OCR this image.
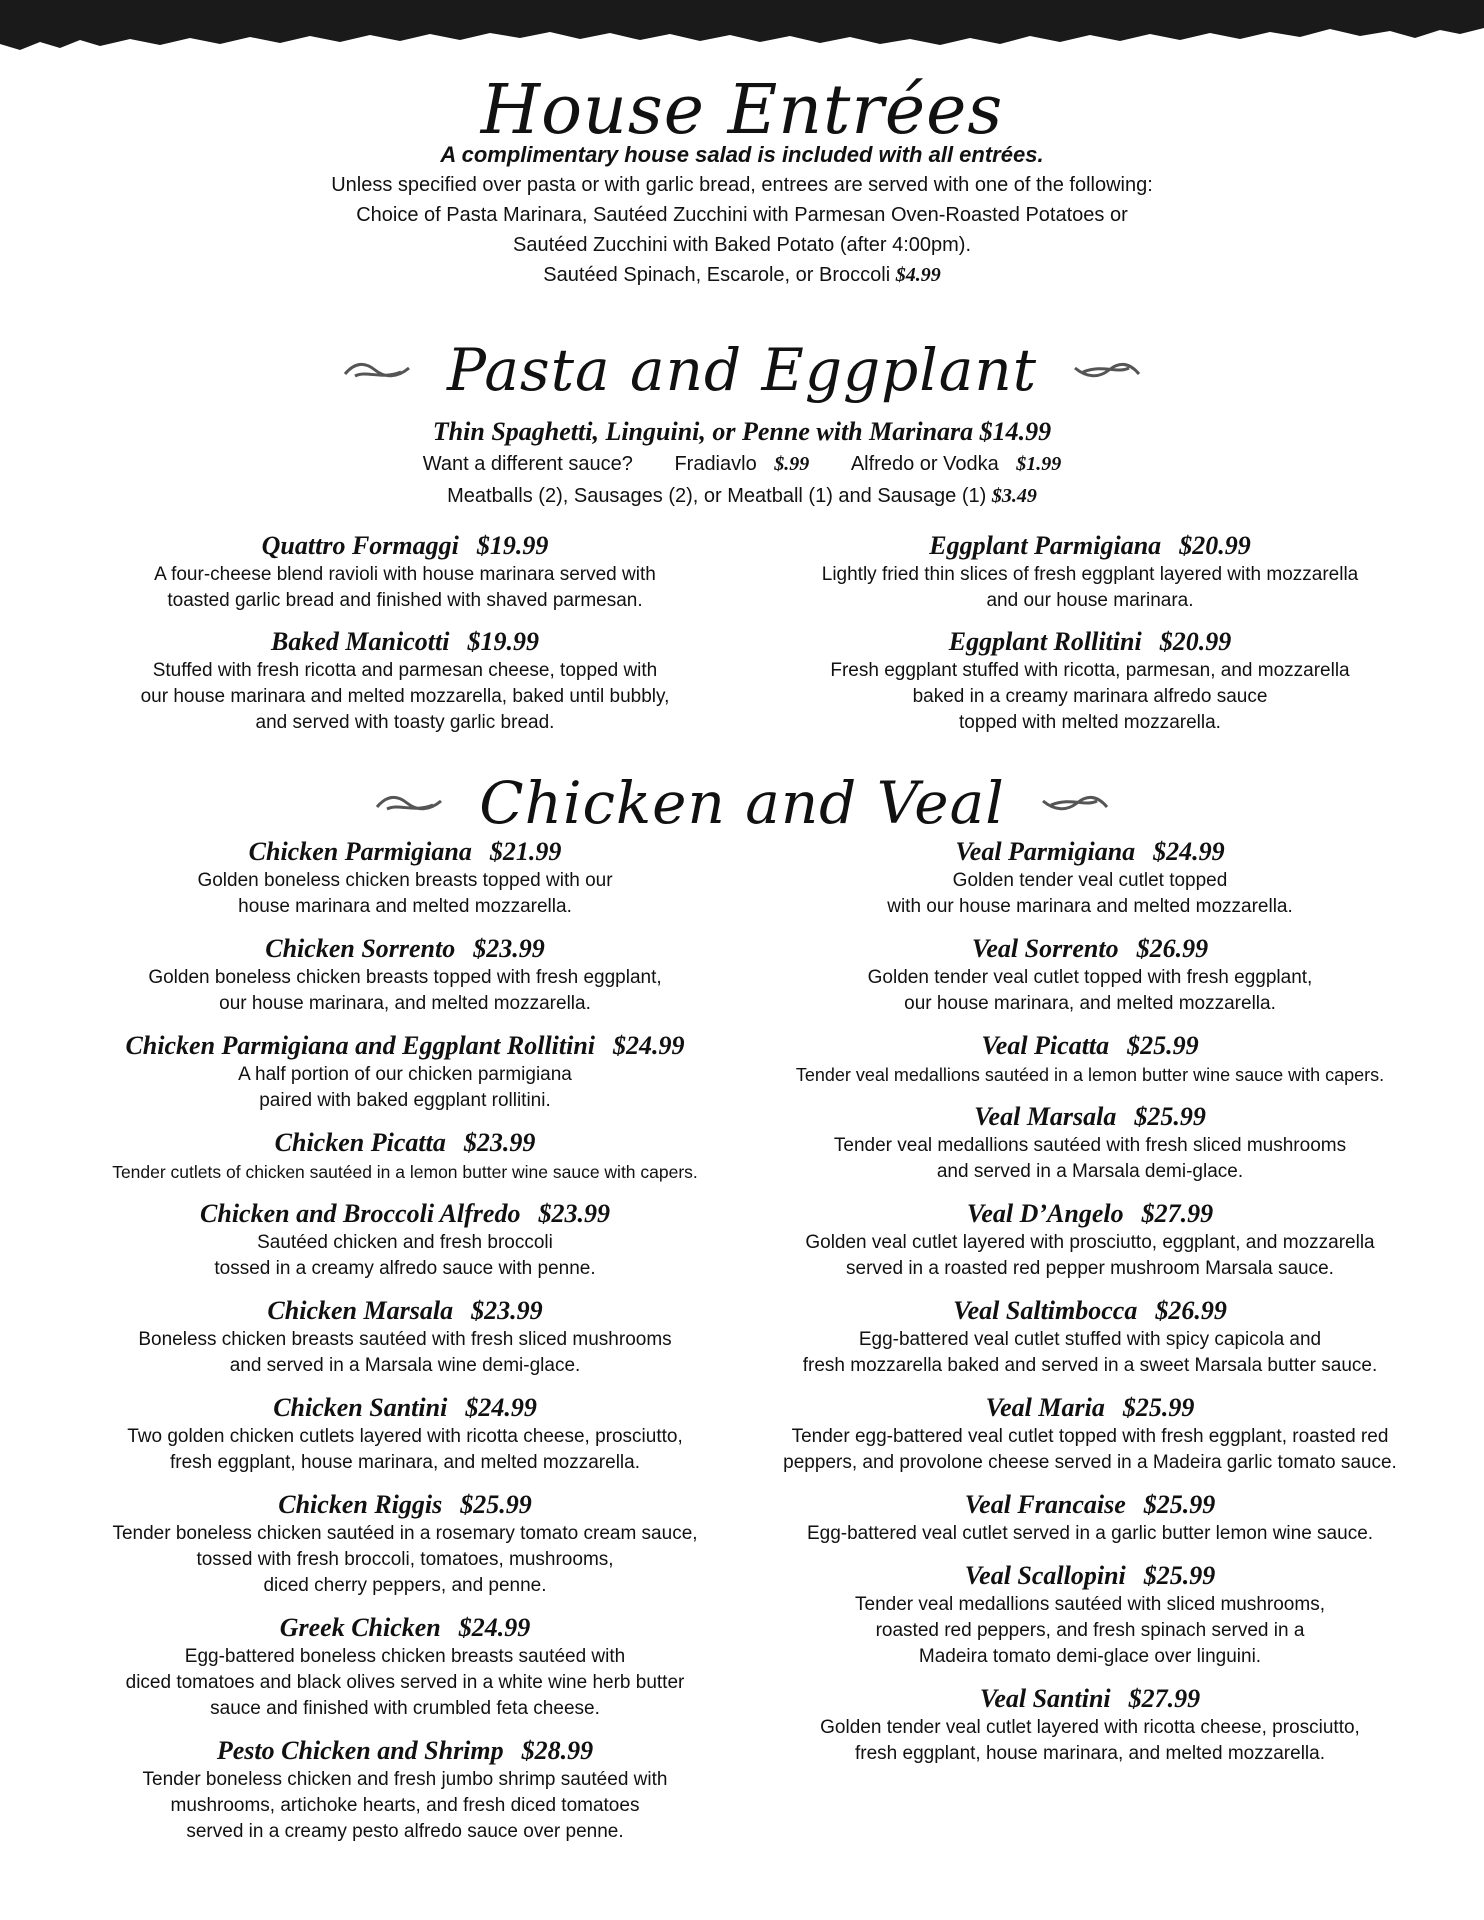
House Entrées
A complimentary house salad is included with all entrées.
Unless specified over pasta or with garlic bread, entrees are served with one of the following:
Choice of Pasta Marinara, Sautéed Zucchini with Parmesan Oven-Roasted Potatoes or
Sautéed Zucchini with Baked Potato (after 4:00pm).
Sautéed Spinach, Escarole, or Broccoli $4.99
Pasta and Eggplant
Thin Spaghetti, Linguini, or Penne with Marinara $14.99
Want a different sauce? Fradiavlo $.99 Alfredo or Vodka $1.99
Meatballs (2), Sausages (2), or Meatball (1) and Sausage (1) $3.49
Quattro Formaggi $19.99
A four-cheese blend ravioli with house marinara served with
toasted garlic bread and finished with shaved parmesan.
Baked Manicotti $19.99
Stuffed with fresh ricotta and parmesan cheese, topped with
our house marinara and melted mozzarella, baked until bubbly,
and served with toasty garlic bread.
Eggplant Parmigiana $20.99
Lightly fried thin slices of fresh eggplant layered with mozzarella
and our house marinara.
Eggplant Rollitini $20.99
Fresh eggplant stuffed with ricotta, parmesan, and mozzarella
baked in a creamy marinara alfredo sauce
topped with melted mozzarella.
Chicken and Veal
Chicken Parmigiana $21.99
Golden boneless chicken breasts topped with our
house marinara and melted mozzarella.
Chicken Sorrento $23.99
Golden boneless chicken breasts topped with fresh eggplant,
our house marinara, and melted mozzarella.
Chicken Parmigiana and Eggplant Rollitini $24.99
A half portion of our chicken parmigiana
paired with baked eggplant rollitini.
Chicken Picatta $23.99
Tender cutlets of chicken sautéed in a lemon butter wine sauce with capers.
Chicken and Broccoli Alfredo $23.99
Sautéed chicken and fresh broccoli
tossed in a creamy alfredo sauce with penne.
Chicken Marsala $23.99
Boneless chicken breasts sautéed with fresh sliced mushrooms
and served in a Marsala wine demi-glace.
Chicken Santini $24.99
Two golden chicken cutlets layered with ricotta cheese, prosciutto,
fresh eggplant, house marinara, and melted mozzarella.
Chicken Riggis $25.99
Tender boneless chicken sautéed in a rosemary tomato cream sauce,
tossed with fresh broccoli, tomatoes, mushrooms,
diced cherry peppers, and penne.
Greek Chicken $24.99
Egg-battered boneless chicken breasts sautéed with
diced tomatoes and black olives served in a white wine herb butter
sauce and finished with crumbled feta cheese.
Pesto Chicken and Shrimp $28.99
Tender boneless chicken and fresh jumbo shrimp sautéed with
mushrooms, artichoke hearts, and fresh diced tomatoes
served in a creamy pesto alfredo sauce over penne.
Veal Parmigiana $24.99
Golden tender veal cutlet topped
with our house marinara and melted mozzarella.
Veal Sorrento $26.99
Golden tender veal cutlet topped with fresh eggplant,
our house marinara, and melted mozzarella.
Veal Picatta $25.99
Tender veal medallions sautéed in a lemon butter wine sauce with capers.
Veal Marsala $25.99
Tender veal medallions sautéed with fresh sliced mushrooms
and served in a Marsala demi-glace.
Veal D’Angelo $27.99
Golden veal cutlet layered with prosciutto, eggplant, and mozzarella
served in a roasted red pepper mushroom Marsala sauce.
Veal Saltimbocca $26.99
Egg-battered veal cutlet stuffed with spicy capicola and
fresh mozzarella baked and served in a sweet Marsala butter sauce.
Veal Maria $25.99
Tender egg-battered veal cutlet topped with fresh eggplant, roasted red
peppers, and provolone cheese served in a Madeira garlic tomato sauce.
Veal Francaise $25.99
Egg-battered veal cutlet served in a garlic butter lemon wine sauce.
Veal Scallopini $25.99
Tender veal medallions sautéed with sliced mushrooms,
roasted red peppers, and fresh spinach served in a
Madeira tomato demi-glace over linguini.
Veal Santini $27.99
Golden tender veal cutlet layered with ricotta cheese, prosciutto,
fresh eggplant, house marinara, and melted mozzarella.
